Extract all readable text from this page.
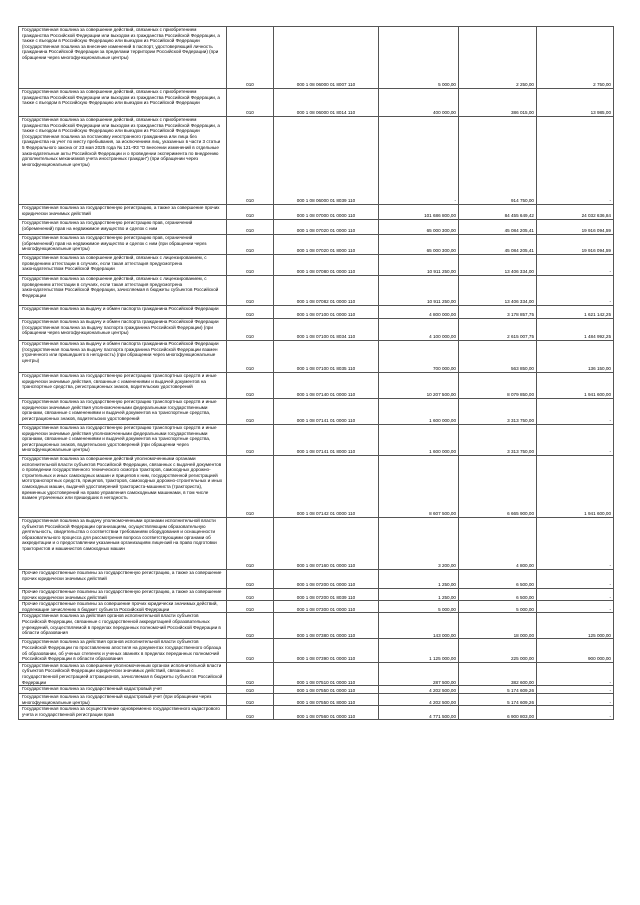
Государственная пошлина за совершение действий, связанных с приобретением гражданства Российской Федерации или выходом из гражданства Российской Федерации, а также с въездом в Российскую Федерацию или выездом из Российской Федерации (государственная пошлина за внесение изменений в паспорт, удостоверяющий личность гражданина Российской Федерации за пределами территории Российской Федерации) (при обращении через многофункциональные центры)	010	000 1 08 06000 01 8007 110	5 000,00	2 250,00	2 750,00
Государственная пошлина за совершение действий, связанных с приобретением гражданства Российской Федерации или выходом из гражданства Российской Федерации, а также с въездом в Российскую Федерацию или выездом из Российской Федерации	010	000 1 08 06000 01 8014 110	400 000,00	386 015,00	13 985,00
Государственная пошлина за совершение действий, связанных с приобретением гражданства Российской Федерации или выходом из гражданства Российской Федерации, а также с въездом в Российскую Федерацию или выездом из Российской Федерации (государственная пошлина за постановку иностранного гражданина или лица без гражданства на учет по месту пребывания, за исключением лиц, указанных в части 3 статьи 5 Федерального закона от 23 мая 2025 года № 121-ФЗ "О внесении изменений в отдельные законодательные акты Российской Федерации и о проведении эксперимента по внедрению дополнительных механизмов учета иностранных граждан") (при обращении через многофункциональные центры)	010	000 1 08 06000 01 8039 110	-	914 750,00	-
Государственная пошлина за государственную регистрацию, а также за совершение прочих юридически значимых действий	010	000 1 08 07000 01 0000 110	101 686 800,00	84 455 649,42	24 032 636,84
Государственная пошлина за государственную регистрацию прав, ограничений (обременений) прав на недвижимое имущество и сделок с ним	010	000 1 08 07020 01 0000 110	65 000 300,00	45 084 205,41	19 916 094,59
Государственная пошлина за государственную регистрацию прав, ограничений (обременений) прав на недвижимое имущество и сделок с ним (при обращении через многофункциональные центры)	010	000 1 08 07020 01 8000 110	65 000 300,00	45 084 205,41	19 916 094,59
Государственная пошлина за совершение действий, связанных с лицензированием, с проведением аттестации в случаях, если такая аттестация предусмотрена законодательством Российской Федерации	010	000 1 08 07080 01 0000 110	10 911 250,00	13 406 334,00	-
Государственная пошлина за совершение действий, связанных с лицензированием, с проведением аттестации в случаях, если такая аттестация предусмотрена законодательством Российской Федерации, зачисляемая в бюджеты субъектов Российской Федерации	010	000 1 08 07082 01 0000 110	10 911 250,00	13 406 334,00	-
Государственная пошлина за выдачу и обмен паспорта гражданина Российской Федерации	010	000 1 08 07100 01 0000 110	4 800 000,00	3 178 857,75	1 621 142,25
Государственная пошлина за выдачу и обмен паспорта гражданина Российской Федерации (государственная пошлина за выдачу паспорта гражданина Российской Федерации) (при обращении через многофункциональные центры)	010	000 1 08 07100 01 8034 110	4 100 000,00	2 615 007,75	1 484 992,25
Государственная пошлина за выдачу и обмен паспорта гражданина Российской Федерации (государственная пошлина за выдачу паспорта гражданина Российской Федерации взамен утраченного или пришедшего в негодность) (при обращении через многофункциональные центры)	010	000 1 08 07100 01 8035 110	700 000,00	563 850,00	136 150,00
Государственная пошлина за государственную регистрацию транспортных средств и иные юридически значимые действия, связанные с изменениями и выдачей документов на транспортные средства, регистрационных знаков, водительских удостоверений	010	000 1 08 07140 01 0000 110	10 207 500,00	8 079 850,00	1 941 600,00
Государственная пошлина за государственную регистрацию транспортных средств и иные юридически значимые действия уполномоченными федеральными государственными органами, связанные с изменениями и выдачей документов на транспортные средства, регистрационных знаков, водительских удостоверений	010	000 1 08 07141 01 0000 110	1 600 000,00	3 313 750,00	-
Государственная пошлина за государственную регистрацию транспортных средств и иные юридически значимые действия уполномоченными федеральными государственными органами, связанные с изменениями и выдачей документов на транспортные средства, регистрационных знаков, водительских удостоверений (при обращении через многофункциональные центры)	010	000 1 08 07141 01 8000 110	1 600 000,00	3 313 750,00	-
Государственная пошлина за совершение действий уполномоченными органами исполнительной власти субъектов Российской Федерации, связанных с выдачей документов о проведении государственного технического осмотра тракторов, самоходных дорожно-строительных и иных самоходных машин и прицепов к ним, государственной регистрацией мототранспортных средств, прицепов, тракторов, самоходных дорожно-строительных и иных самоходных машин, выдачей удостоверений тракториста-машиниста (тракториста), временных удостоверений на право управления самоходными машинами, в том числе взамен утраченных или пришедших в негодность	010	000 1 08 07142 01 0000 110	8 607 500,00	6 665 900,00	1 941 600,00
Государственная пошлина за выдачу уполномоченными органами исполнительной власти субъектов Российской Федерации организациям, осуществляющим образовательную деятельность, свидетельства о соответствии требованиям оборудования и оснащенности образовательного процесса для рассмотрения вопроса соответствующими органами об аккредитации и о предоставлении указанным организациям лицензий на право подготовки трактористов и машинистов самоходных машин	010	000 1 08 07160 01 0000 110	3 200,00	4 800,00	-
Прочие государственные пошлины за государственную регистрацию, а также за совершение прочих юридически значимых действий	010	000 1 08 07200 01 0000 110	1 250,00	6 500,00	-
Прочие государственные пошлины за государственную регистрацию, а также за совершение прочих юридически значимых действий	010	000 1 08 07200 01 8039 110	1 250,00	6 500,00	-
Прочие государственные пошлины за совершение прочих юридически значимых действий, подлежащие зачислению в бюджет субъекта Российской Федерации	010	000 1 08 07300 01 0000 110	5 000,00	5 000,00	-
Государственная пошлина за действия органов исполнительной власти субъектов Российской Федерации, связанные с государственной аккредитацией образовательных учреждений, осуществляемой в пределах переданных полномочий Российской Федерации в области образования	010	000 1 08 07380 01 0000 110	143 000,00	18 000,00	125 000,00
Государственная пошлина за действия органов исполнительной власти субъектов Российской Федерации по проставлению апостиля на документах государственного образца об образовании, об ученых степенях и ученых званиях в пределах переданных полномочий Российской Федерации в области образования	010	000 1 08 07390 01 0000 110	1 125 000,00	225 000,00	900 000,00
Государственная пошлина за совершение уполномоченным органом исполнительной власти субъектов Российской Федерации юридически значимых действий, связанных с государственной регистрацией аттракционов, зачисляемая в бюджеты субъектов Российской Федерации	010	000 1 08 07510 01 0000 110	287 500,00	382 600,00	-
Государственная пошлина за государственный кадастровый учет	010	000 1 08 07550 01 0000 110	4 202 500,00	5 174 609,26	-
Государственная пошлина за государственный кадастровый учет (при обращении через многофункциональные центры)	010	000 1 08 07550 01 8000 110	4 202 500,00	5 174 609,26	-
Государственная пошлина за осуществление одновременно государственного кадастрового учета и государственной регистрации прав	010	000 1 08 07560 01 0000 110	4 771 500,00	6 900 803,00	-
